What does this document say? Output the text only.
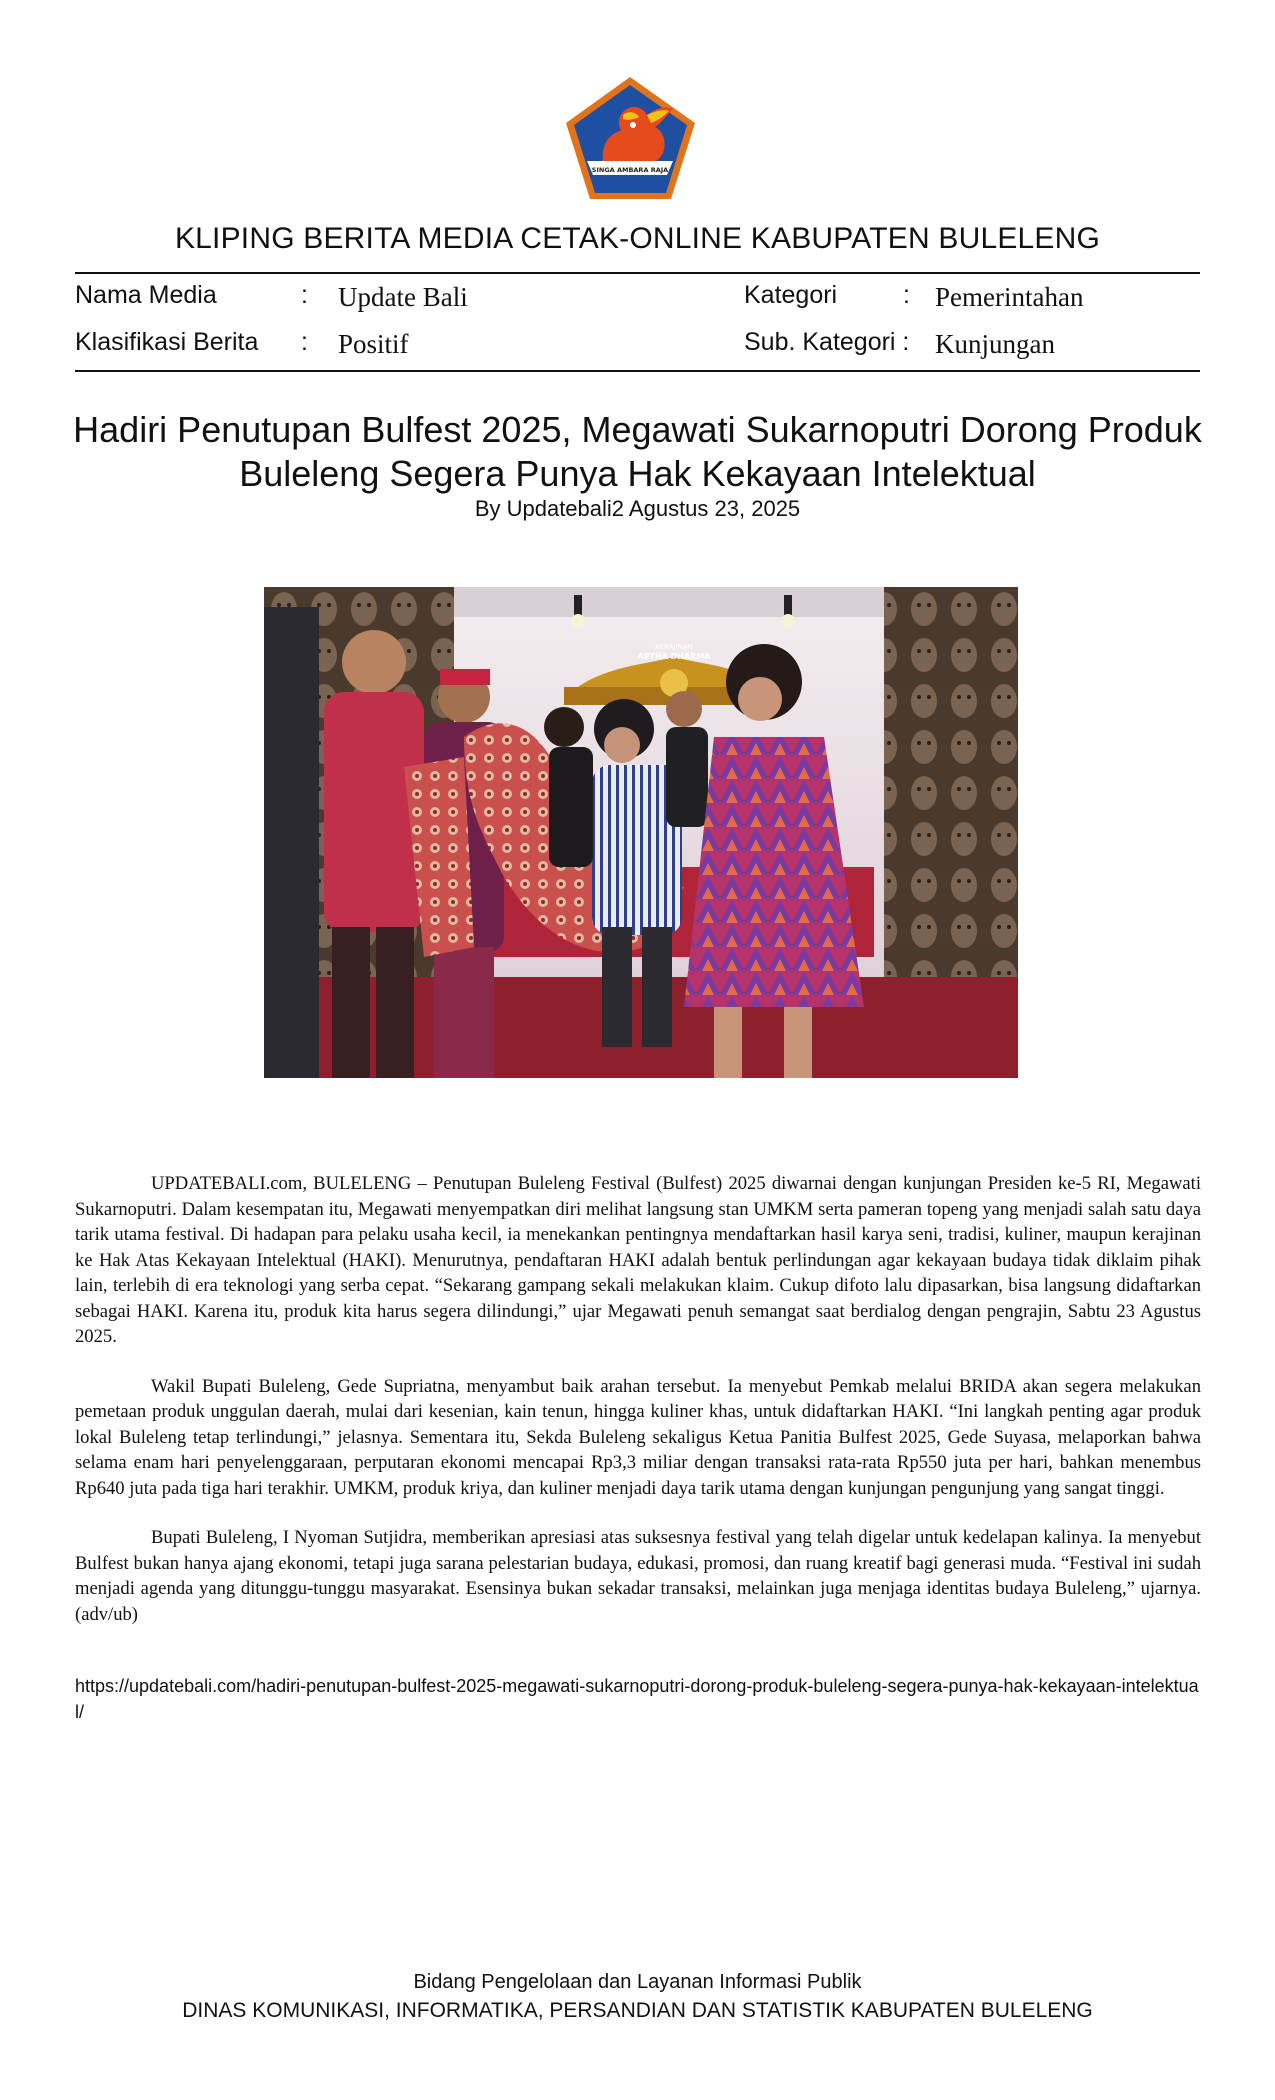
SINGA AMBARA RAJA
KLIPING BERITA MEDIA CETAK-ONLINE KABUPATEN BULELENG
Nama Media	: Update Bali	Kategori	: Pemerintahan
Klasifikasi Berita : Positif	Sub. Kategori : Kunjungan
Hadiri Penutupan Bulfest 2025, Megawati Sukarnoputri Dorong Produk Buleleng Segera Punya Hak Kekayaan Intelektual
By Updatebali2 Agustus 23, 2025
KERAJINAN
ARTHA DHARMA

UPDATEBALI.com, BULELENG – Penutupan Buleleng Festival (Bulfest) 2025 diwarnai dengan kunjungan Presiden ke-5 RI, Megawati Sukarnoputri. Dalam kesempatan itu, Megawati menyempatkan diri melihat langsung stan UMKM serta pameran topeng yang menjadi salah satu daya tarik utama festival. Di hadapan para pelaku usaha kecil, ia menekankan pentingnya mendaftarkan hasil karya seni, tradisi, kuliner, maupun kerajinan ke Hak Atas Kekayaan Intelektual (HAKI). Menurutnya, pendaftaran HAKI adalah bentuk perlindungan agar kekayaan budaya tidak diklaim pihak lain, terlebih di era teknologi yang serba cepat. “Sekarang gampang sekali melakukan klaim. Cukup difoto lalu dipasarkan, bisa langsung didaftarkan sebagai HAKI. Karena itu, produk kita harus segera dilindungi,” ujar Megawati penuh semangat saat berdialog dengan pengrajin, Sabtu 23 Agustus 2025.

Wakil Bupati Buleleng, Gede Supriatna, menyambut baik arahan tersebut. Ia menyebut Pemkab melalui BRIDA akan segera melakukan pemetaan produk unggulan daerah, mulai dari kesenian, kain tenun, hingga kuliner khas, untuk didaftarkan HAKI. “Ini langkah penting agar produk lokal Buleleng tetap terlindungi,” jelasnya. Sementara itu, Sekda Buleleng sekaligus Ketua Panitia Bulfest 2025, Gede Suyasa, melaporkan bahwa selama enam hari penyelenggaraan, perputaran ekonomi mencapai Rp3,3 miliar dengan transaksi rata-rata Rp550 juta per hari, bahkan menembus Rp640 juta pada tiga hari terakhir. UMKM, produk kriya, dan kuliner menjadi daya tarik utama dengan kunjungan pengunjung yang sangat tinggi.

Bupati Buleleng, I Nyoman Sutjidra, memberikan apresiasi atas suksesnya festival yang telah digelar untuk kedelapan kalinya. Ia menyebut Bulfest bukan hanya ajang ekonomi, tetapi juga sarana pelestarian budaya, edukasi, promosi, dan ruang kreatif bagi generasi muda. “Festival ini sudah menjadi agenda yang ditunggu-tunggu masyarakat. Esensinya bukan sekadar transaksi, melainkan juga menjaga identitas budaya Buleleng,” ujarnya.(adv/ub)

https://updatebali.com/hadiri-penutupan-bulfest-2025-megawati-sukarnoputri-dorong-produk-buleleng-segera-punya-hak-kekayaan-intelektual/
Bidang Pengelolaan dan Layanan Informasi Publik
DINAS KOMUNIKASI, INFORMATIKA, PERSANDIAN DAN STATISTIK KABUPATEN BULELENG
